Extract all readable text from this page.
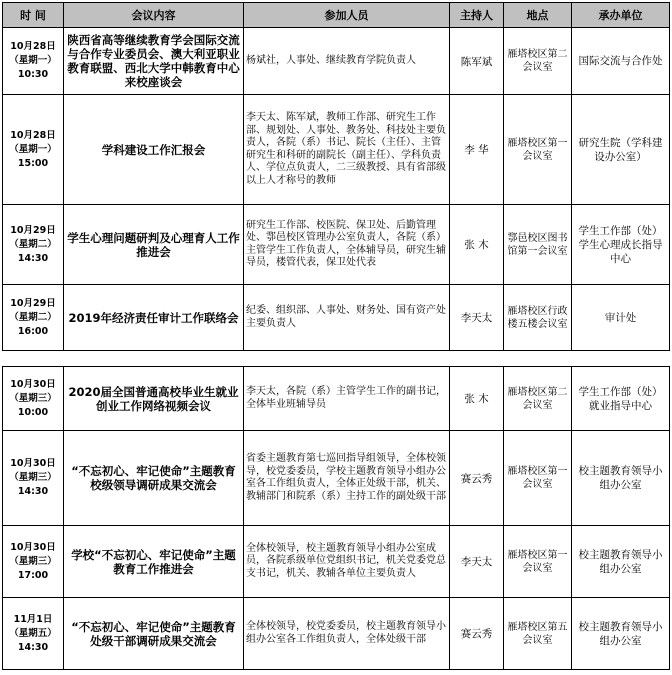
时 间	会议内容	参加人员	主持人	地点	承办单位
10月28日
（星期一）
10:30	陕西省高等继续教育学会国际交流与合作专业委员会、澳大利亚职业教育联盟、西北大学中韩教育中心来校座谈会	杨斌社，人事处、继续教育学院负责人	陈军斌	雁塔校区第二会议室	国际交流与合作处
10月28日
（星期一）
15:00	学科建设工作汇报会	李天太、陈军斌，教师工作部、研究生工作部、规划处、人事处、教务处、科技处主要负责人，各院（系）书记、院长（主任）、主管研究生和科研的副院长（副主任）、学科负责人、学位点负责人，二三级教授、具有省部级以上人才称号的教师	李 华	雁塔校区第一会议室	研究生院（学科建设办公室）
10月29日
（星期二）
14:30	学生心理问题研判及心理育人工作推进会	研究生工作部、校医院、保卫处、后勤管理处、鄠邑校区管理办公室负责人，各院（系）主管学生工作负责人，全体辅导员，研究生辅导员，楼管代表，保卫处代表	张 木	鄠邑校区图书馆第一会议室	学生工作部（处）学生心理成长指导中心
10月29日
（星期二）
16:00	2019年经济责任审计工作联络会	纪委、组织部、人事处、财务处、国有资产处主要负责人	李天太	雁塔校区行政楼五楼会议室	审计处
10月30日
（星期三）
10:00	2020届全国普通高校毕业生就业创业工作网络视频会议	李天太，各院（系）主管学生工作的副书记，全体毕业班辅导员	张 木	雁塔校区第二会议室	学生工作部（处）就业指导中心
10月30日
（星期三）
14:30	“不忘初心、牢记使命”主题教育校级领导调研成果交流会	省委主题教育第七巡回指导组领导，全体校领导，校党委委员，学校主题教育领导小组办公室各工作组负责人，全体正处级干部，机关、教辅部门和院系（系）主持工作的副处级干部	赛云秀	雁塔校区第一会议室	校主题教育领导小组办公室
10月30日
（星期三）
17:00	学校“不忘初心、牢记使命”主题教育工作推进会	全体校领导，校主题教育领导小组办公室成员，各院系级单位党组织书记，机关党委党总支书记，机关、教辅各单位主要负责人	李天太	雁塔校区第一会议室	校主题教育领导小组办公室
11月1日
（星期五）
14:30	“不忘初心、牢记使命”主题教育处级干部调研成果交流会	全体校领导，校党委委员，校主题教育领导小组办公室各工作组负责人，全体处级干部	赛云秀	雁塔校区第五会议室	校主题教育领导小组办公室
